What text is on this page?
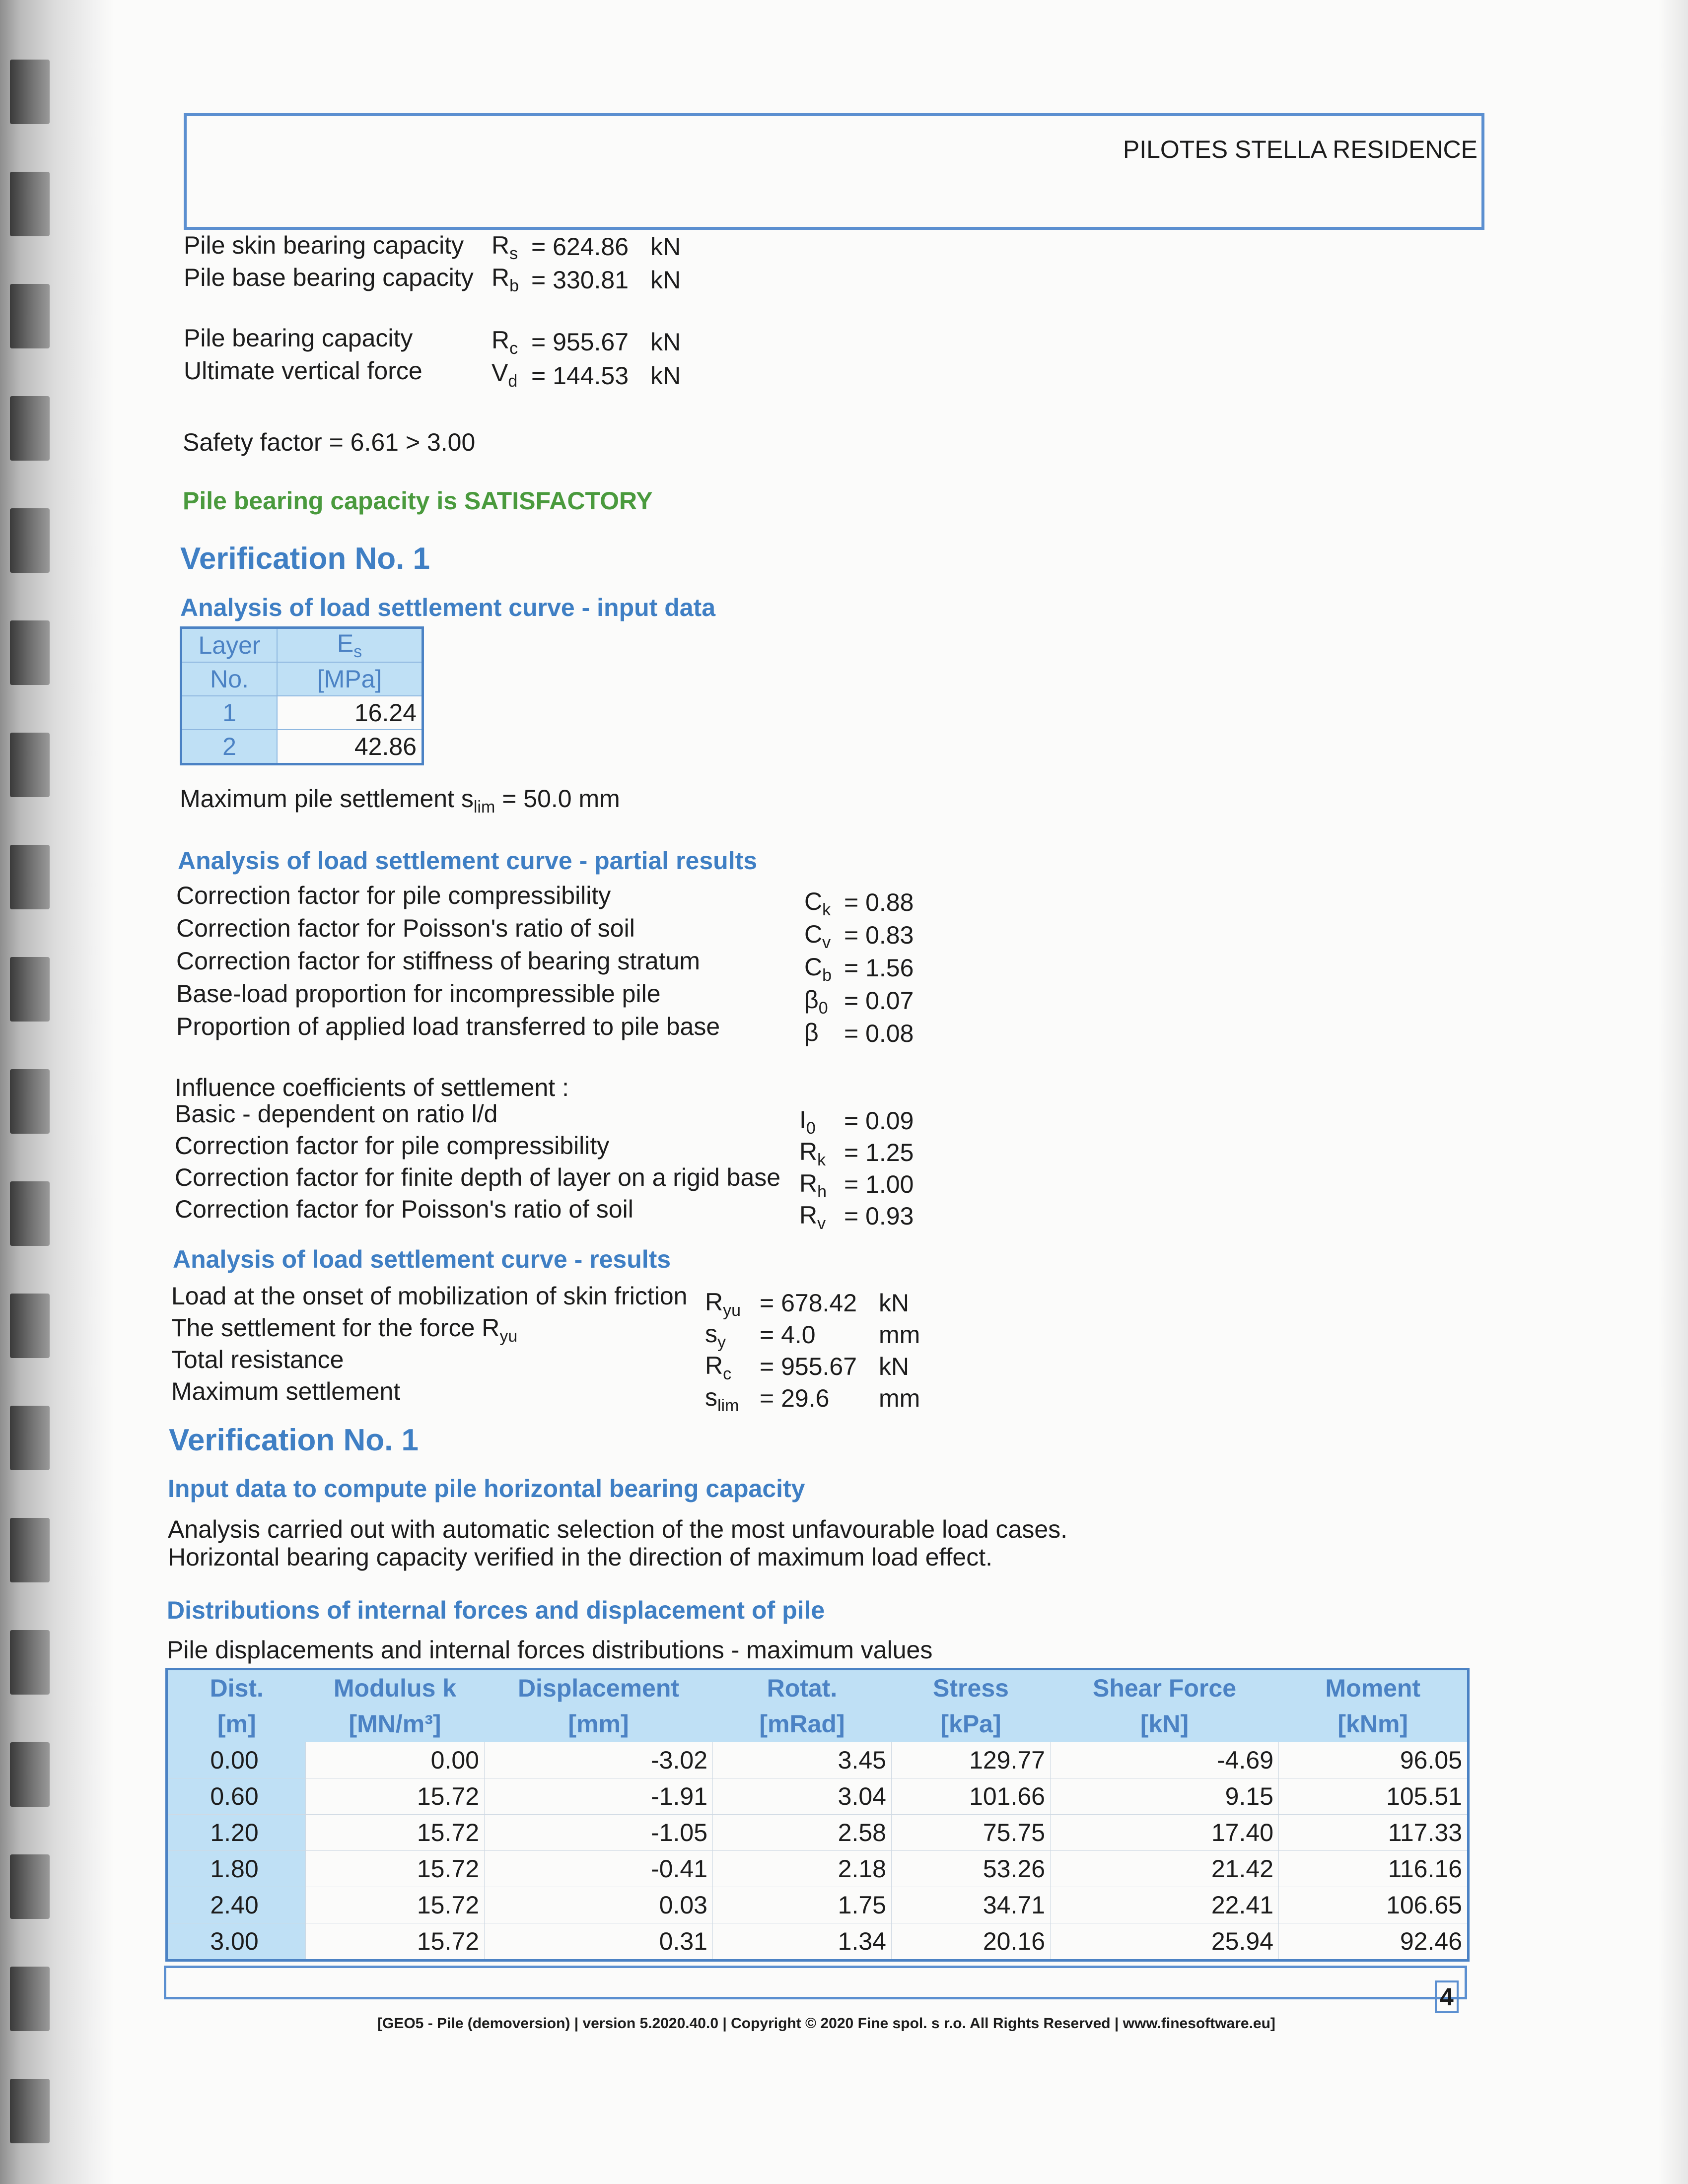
PILOTES STELLA RESIDENCE
Pile skin bearing capacity $R_s = 624.86$ kN
Pile base bearing capacity $R_b = 330.81$ kN
Pile bearing capacity	$R_c = 955.67$ kN
Ultimate vertical force	$V_d = 144.53$ kN
Safety factor = 6.61 > 3.00
Pile bearing capacity is SATISFACTORY
Verification No. 1
Analysis of load settlement curve - input data
Layer	$E_s$
No.	[MPa]
1	16.24
2	42.86
Maximum pile settlement $s_{lim} = 50.0$ mm
Analysis of load settlement curve - partial results
Correction factor for pile compressibility	$C_k = 0.88$
Correction factor for Poisson's ratio of soil	$C_v = 0.83$
Correction factor for stiffness of bearing stratum	$C_b = 1.56$
Base-load proportion for incompressible pile	$\beta_0 = 0.07$
Proportion of applied load transferred to pile base	β = 0.08
Influence coefficients of settlement :
Basic - dependent on ratio l/d	$I_0 = 0.09$
Correction factor for pile compressibility	$R_k = 1.25$
Correction factor for finite depth of layer on a rigid base $R_h = 1.00$
Correction factor for Poisson's ratio of soil	$R_v = 0.93$
Analysis of load settlement curve - results
Load at the onset of mobilization of skin friction $R_{yu} = 678.42$ kN
The settlement for the force $R_{yu}$	$s_y = 4.0$	mm
Total resistance	$R_c = 955.67$ kN
Maximum settlement	$s_{lim} = 29.6$ mm
Verification No. 1
Input data to compute pile horizontal bearing capacity
Analysis carried out with automatic selection of the most unfavourable load cases.
Horizontal bearing capacity verified in the direction of maximum load effect.
Distributions of internal forces and displacement of pile
Pile displacements and internal forces distributions - maximum values
Dist.	Modulus k	Displacement	Rotat.	Stress	Shear Force	Moment
[m]	[MN/m³]	[mm]	[mRad]	[kPa]	[kN]	[kNm]
0.00	0.00	-3.02	3.45	129.77	-4.69	96.05
0.60	15.72	-1.91	3.04	101.66	9.15	105.51
1.20	15.72	-1.05	2.58	75.75	17.40	117.33
1.80	15.72	-0.41	2.18	53.26	21.42	116.16
2.40	15.72	0.03	1.75	34.71	22.41	106.65
3.00	15.72	0.31	1.34	20.16	25.94	92.46
4
[GEO5 - Pile (demoversion) | version 5.2020.40.0 | Copyright © 2020 Fine spol. s r.o. All Rights Reserved | www.finesoftware.eu]
